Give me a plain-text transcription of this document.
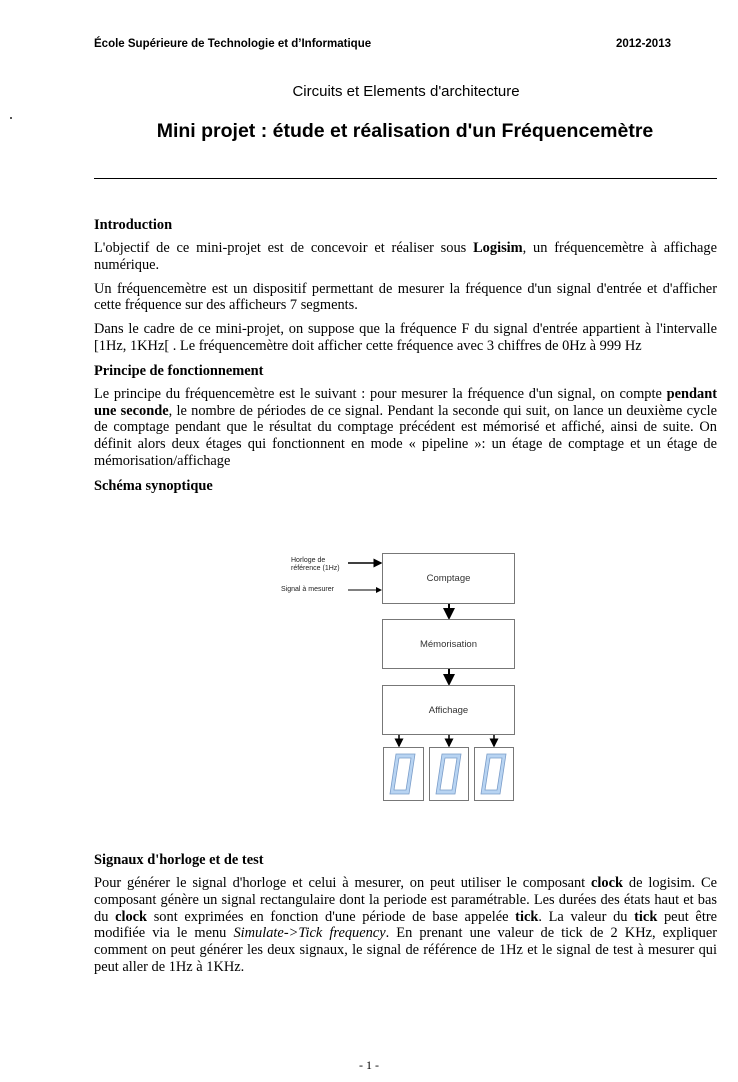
École Supérieure de Technologie et d’Informatique	2012-2013
Circuits et Elements d'architecture
Mini projet : étude et réalisation d'un Fréquencemètre
Introduction

L'objectif de ce mini-projet est de concevoir et réaliser sous Logisim, un fréquencemètre à affichage numérique.

Un fréquencemètre est un dispositif permettant de mesurer la fréquence d'un signal d'entrée et d'afficher cette fréquence sur des afficheurs 7 segments.

Dans le cadre de ce mini-projet, on suppose que la fréquence F du signal d'entrée appartient à l'intervalle [1Hz, 1KHz[ . Le fréquencemètre doit afficher cette fréquence avec 3 chiffres de 0Hz à 999 Hz

Principe de fonctionnement

Le principe du fréquencemètre est le suivant : pour mesurer la fréquence d'un signal, on compte pendant une seconde, le nombre de périodes de ce signal. Pendant la seconde qui suit, on lance un deuxième cycle de comptage pendant que le résultat du comptage précédent est mémorisé et affiché, ainsi de suite. On définit alors deux étages qui fonctionnent en mode « pipeline »: un étage de comptage et un étage de mémorisation/affichage

Schéma synoptique
Horloge de
référence (1Hz)
Signal à mesurer
Comptage
Mémorisation
Affichage
Signaux d'horloge et de test

Pour générer le signal d'horloge et celui à mesurer, on peut utiliser le composant clock de logisim. Ce composant génère un signal rectangulaire dont la periode est paramétrable. Les durées des états haut et bas du clock sont exprimées en fonction d'une période de base appelée tick. La valeur du tick peut être modifiée via le menu Simulate->Tick frequency. En prenant une valeur de tick de 2 KHz, expliquer comment on peut générer les deux signaux, le signal de référence de 1Hz et le signal de test à mesurer qui peut aller de 1Hz à 1KHz.

- 1 -
